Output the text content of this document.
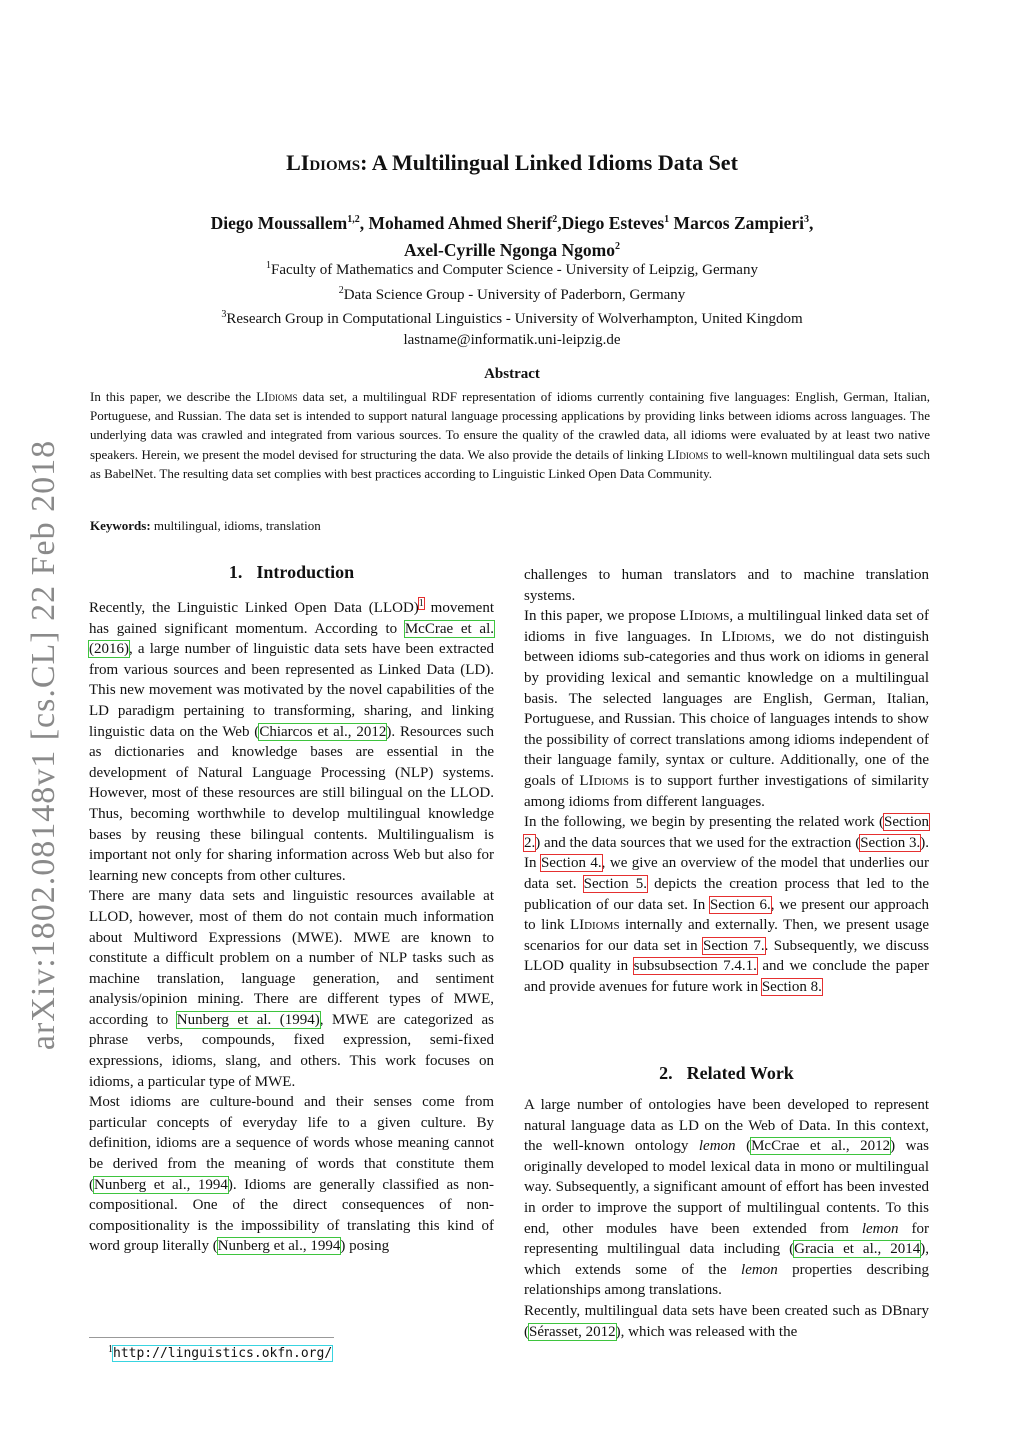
arXiv:1802.08148v1 [cs.CL] 22 Feb 2018
LIdioms: A Multilingual Linked Idioms Data Set
Diego Moussallem$^{1,2}$, Mohamed Ahmed Sherif$^2$,Diego Esteves$^1$ Marcos Zampieri$^3$,
Axel-Cyrille Ngonga Ngomo$^2$
$^1$Faculty of Mathematics and Computer Science - University of Leipzig, Germany
$^2$Data Science Group - University of Paderborn, Germany
$^3$Research Group in Computational Linguistics - University of Wolverhampton, United Kingdom
lastname@informatik.uni-leipzig.de
Abstract
In this paper, we describe the LIdioms data set, a multilingual RDF representation of idioms currently containing five languages: English, German, Italian, Portuguese, and Russian. The data set is intended to support natural language processing applications by providing links between idioms across languages. The underlying data was crawled and integrated from various sources. To ensure the quality of the crawled data, all idioms were evaluated by at least two native speakers. Herein, we present the model devised for structuring the data. We also provide the details of linking LIdioms to well-known multilingual data sets such as BabelNet. The resulting data set complies with best practices according to Linguistic Linked Open Data Community.
Keywords: multilingual, idioms, translation
1. Introduction

Recently, the Linguistic Linked Open Data (LLOD)$^1$ movement has gained significant momentum. According to McCrae et al. (2016), a large number of linguistic data sets have been extracted from various sources and been represented as Linked Data (LD). This new movement was motivated by the novel capabilities of the LD paradigm pertaining to transforming, sharing, and linking linguistic data on the Web (Chiarcos et al., 2012). Resources such as dictionaries and knowledge bases are essential in the development of Natural Language Processing (NLP) systems. However, most of these resources are still bilingual on the LLOD. Thus, becoming worthwhile to develop multilingual knowledge bases by reusing these bilingual contents. Multilingualism is important not only for sharing information across Web but also for learning new concepts from other cultures.

There are many data sets and linguistic resources available at LLOD, however, most of them do not contain much information about Multiword Expressions (MWE). MWE are known to constitute a difficult problem on a number of NLP tasks such as machine translation, language generation, and sentiment analysis/opinion mining. There are different types of MWE, according to Nunberg et al. (1994), MWE are categorized as phrase verbs, compounds, fixed expression, semi-fixed expressions, idioms, slang, and others. This work focuses on idioms, a particular type of MWE.

Most idioms are culture-bound and their senses come from particular concepts of everyday life to a given culture. By definition, idioms are a sequence of words whose meaning cannot be derived from the meaning of words that constitute them (Nunberg et al., 1994). Idioms are generally classified as non-compositional. One of the direct consequences of non-compositionality is the impossibility of translating this kind of word group literally (Nunberg et al., 1994) posing

challenges to human translators and to machine translation systems.

In this paper, we propose LIdioms, a multilingual linked data set of idioms in five languages. In LIdioms, we do not distinguish between idioms sub-categories and thus work on idioms in general by providing lexical and semantic knowledge on a multilingual basis. The selected languages are English, German, Italian, Portuguese, and Russian. This choice of languages intends to show the possibility of correct translations among idioms independent of their language family, syntax or culture. Additionally, one of the goals of LIdioms is to support further investigations of similarity among idioms from different languages.

In the following, we begin by presenting the related work (Section 2.) and the data sources that we used for the extraction (Section 3.). In Section 4., we give an overview of the model that underlies our data set. Section 5. depicts the creation process that led to the publication of our data set. In Section 6., we present our approach to link LIdioms internally and externally. Then, we present usage scenarios for our data set in Section 7.. Subsequently, we discuss LLOD quality in subsubsection 7.4.1. and we conclude the paper and provide avenues for future work in Section 8.

2. Related Work

A large number of ontologies have been developed to represent natural language data as LD on the Web of Data. In this context, the well-known ontology lemon (McCrae et al., 2012) was originally developed to model lexical data in mono or multilingual way. Subsequently, a significant amount of effort has been invested in order to improve the support of multilingual contents. To this end, other modules have been extended from lemon for representing multilingual data including (Gracia et al., 2014), which extends some of the lemon properties describing relationships among translations.

Recently, multilingual data sets have been created such as DBnary (Sérasset, 2012), which was released with the

$^1$http://linguistics.okfn.org/
